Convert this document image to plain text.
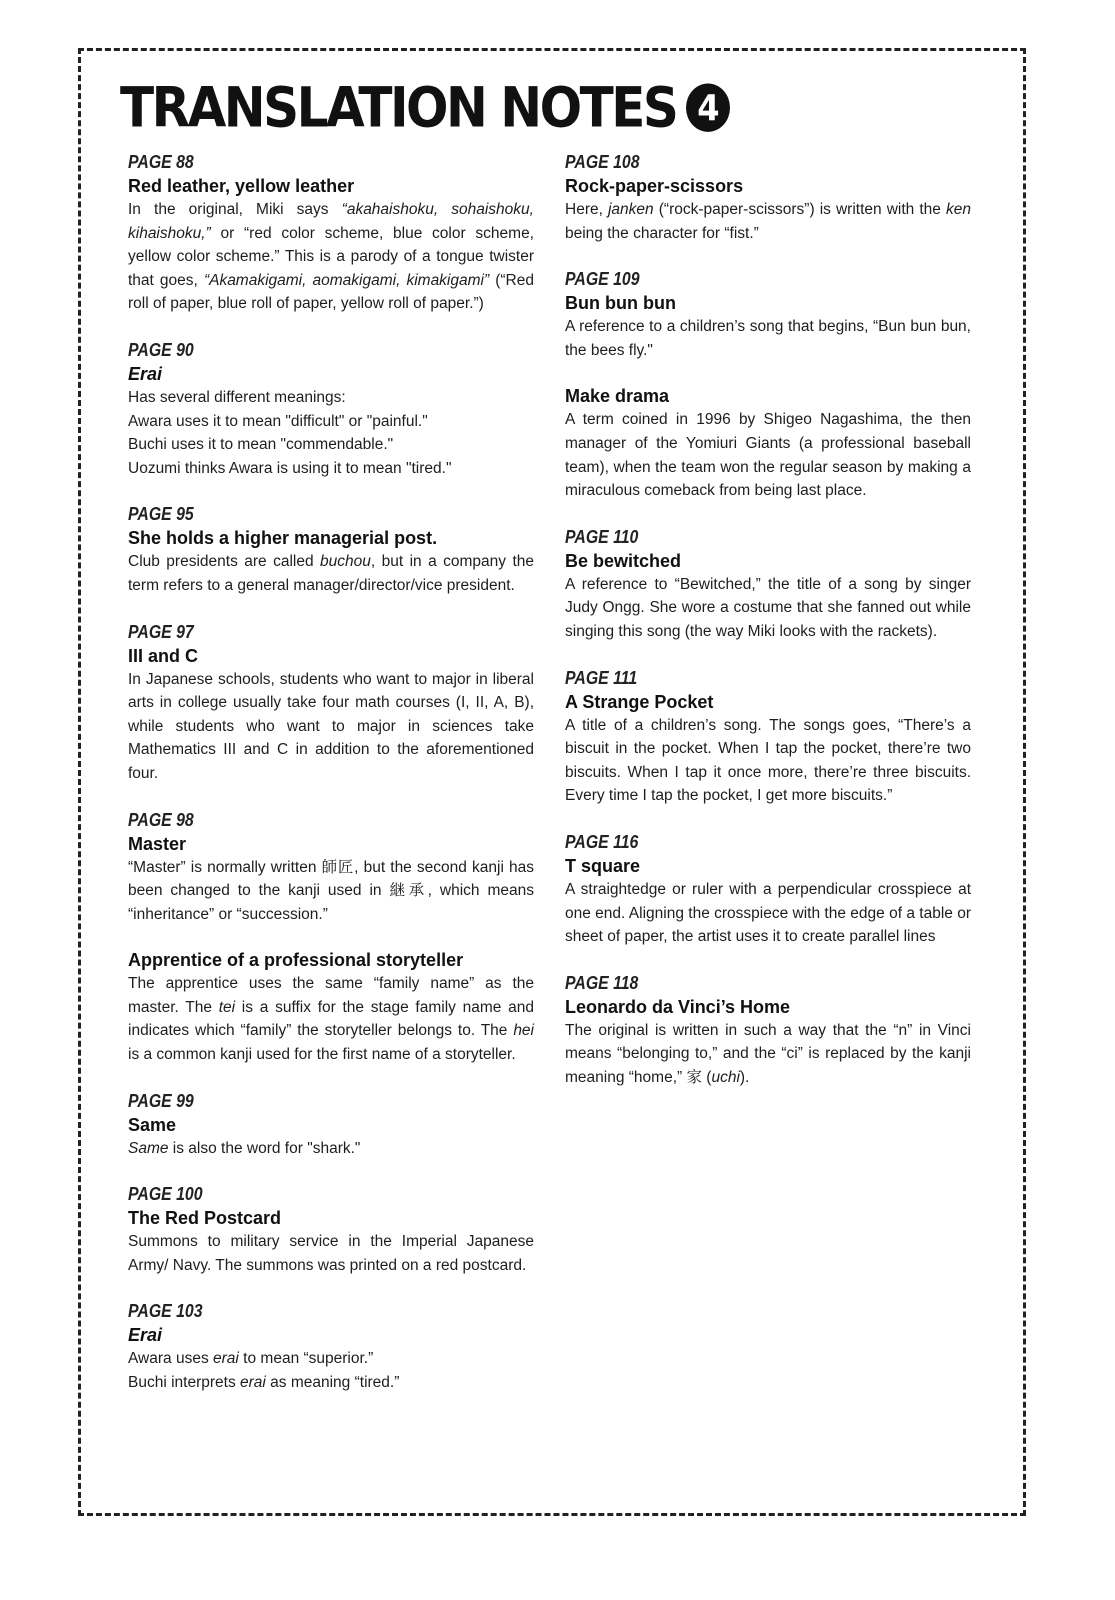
TRANSLATION NOTES 4
PAGE 88
Red leather, yellow leather
In the original, Miki says “akahaishoku, sohaishoku, kihaishoku,” or “red color scheme, blue color scheme, yellow color scheme.” This is a parody of a tongue twister that goes, “Akamakigami, aomakigami, kimakigami” (“Red roll of paper, blue roll of paper, yellow roll of paper.”)
PAGE 90
Erai

Has several different meanings:

Awara uses it to mean "difficult" or "painful."

Buchi uses it to mean "commendable."

Uozumi thinks Awara is using it to mean "tired."

PAGE 95
She holds a higher managerial post.
Club presidents are called buchou, but in a company the term refers to a general manager/director/vice president.
PAGE 97
III and C
In Japanese schools, students who want to major in liberal arts in college usually take four math courses (I, II, A, B), while students who want to major in sciences take Mathematics III and C in addition to the aforementioned four.
PAGE 98
Master
“Master” is normally written 師匠, but the second kanji has been changed to the kanji used in 継承, which means “inheritance” or “succession.”
Apprentice of a professional storyteller
The apprentice uses the same “family name” as the master. The tei is a suffix for the stage family name and indicates which “family” the storyteller belongs to. The hei is a common kanji used for the first name of a storyteller.
PAGE 99
Same
Same is also the word for "shark."
PAGE 100
The Red Postcard
Summons to military service in the Imperial Japanese Army/ Navy. The summons was printed on a red postcard.
PAGE 103
Erai

Awara uses erai to mean “superior.”

Buchi interprets erai as meaning “tired.”

PAGE 108
Rock-paper-scissors
Here, janken (“rock-paper-scissors”) is written with the ken being the character for “fist.”
PAGE 109
Bun bun bun
A reference to a children’s song that begins, “Bun bun bun, the bees fly."
Make drama
A term coined in 1996 by Shigeo Nagashima, the then manager of the Yomiuri Giants (a professional baseball team), when the team won the regular season by making a miraculous comeback from being last place.
PAGE 110
Be bewitched
A reference to “Bewitched,” the title of a song by singer Judy Ongg. She wore a costume that she fanned out while singing this song (the way Miki looks with the rackets).
PAGE 111
A Strange Pocket
A title of a children’s song. The songs goes, “There’s a biscuit in the pocket. When I tap the pocket, there’re two biscuits. When I tap it once more, there’re three biscuits. Every time I tap the pocket, I get more biscuits.”
PAGE 116
T square
A straightedge or ruler with a perpendicular crosspiece at one end. Aligning the crosspiece with the edge of a table or sheet of paper, the artist uses it to create parallel lines
PAGE 118
Leonardo da Vinci’s Home
The original is written in such a way that the “n” in Vinci means “belonging to,” and the “ci” is replaced by the kanji meaning “home,” 家 (uchi).
